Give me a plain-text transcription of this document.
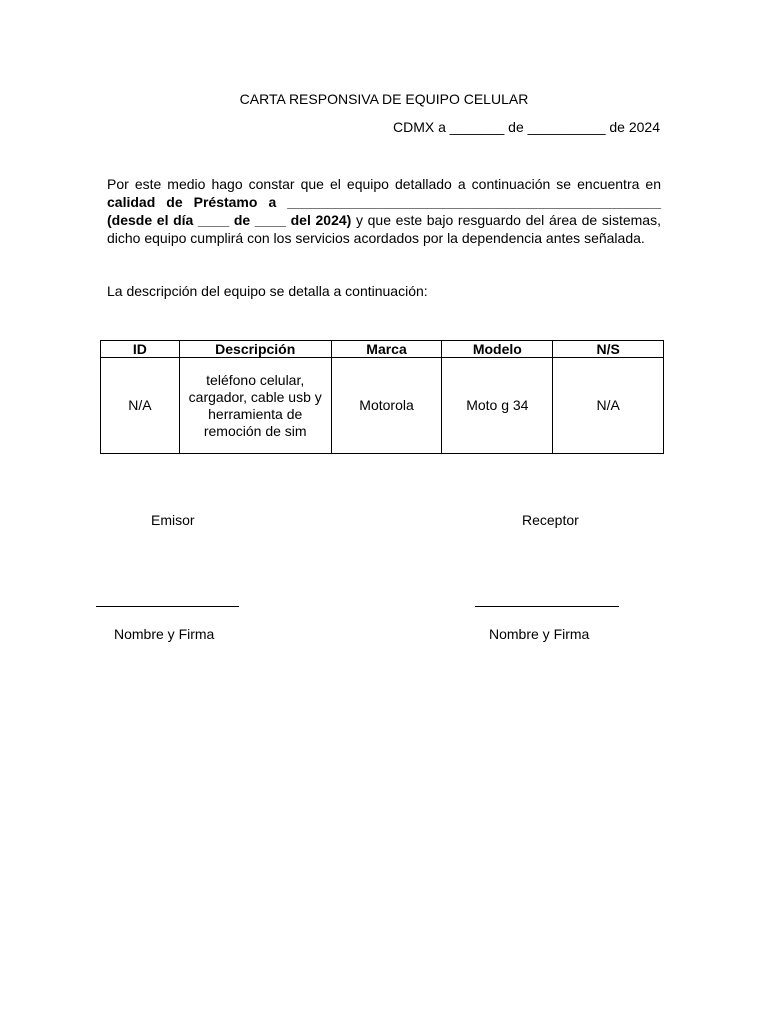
CARTA RESPONSIVA DE EQUIPO CELULAR
CDMX a _______ de __________ de 2024
Por este medio hago constar que el equipo detallado a continuación se encuentra en calidad de Préstamo a ________________________________________________ (desde el día ____ de ____ del 2024) y que este bajo resguardo del área de sistemas, dicho equipo cumplirá con los servicios acordados por la dependencia antes señalada.
La descripción del equipo se detalla a continuación:
ID	Descripción	Marca	Modelo	N/S
N/A	teléfono celular, cargador, cable usb y herramienta de remoción de sim	Motorola	Moto g 34	N/A
Emisor	Receptor
Nombre y Firma	Nombre y Firma
